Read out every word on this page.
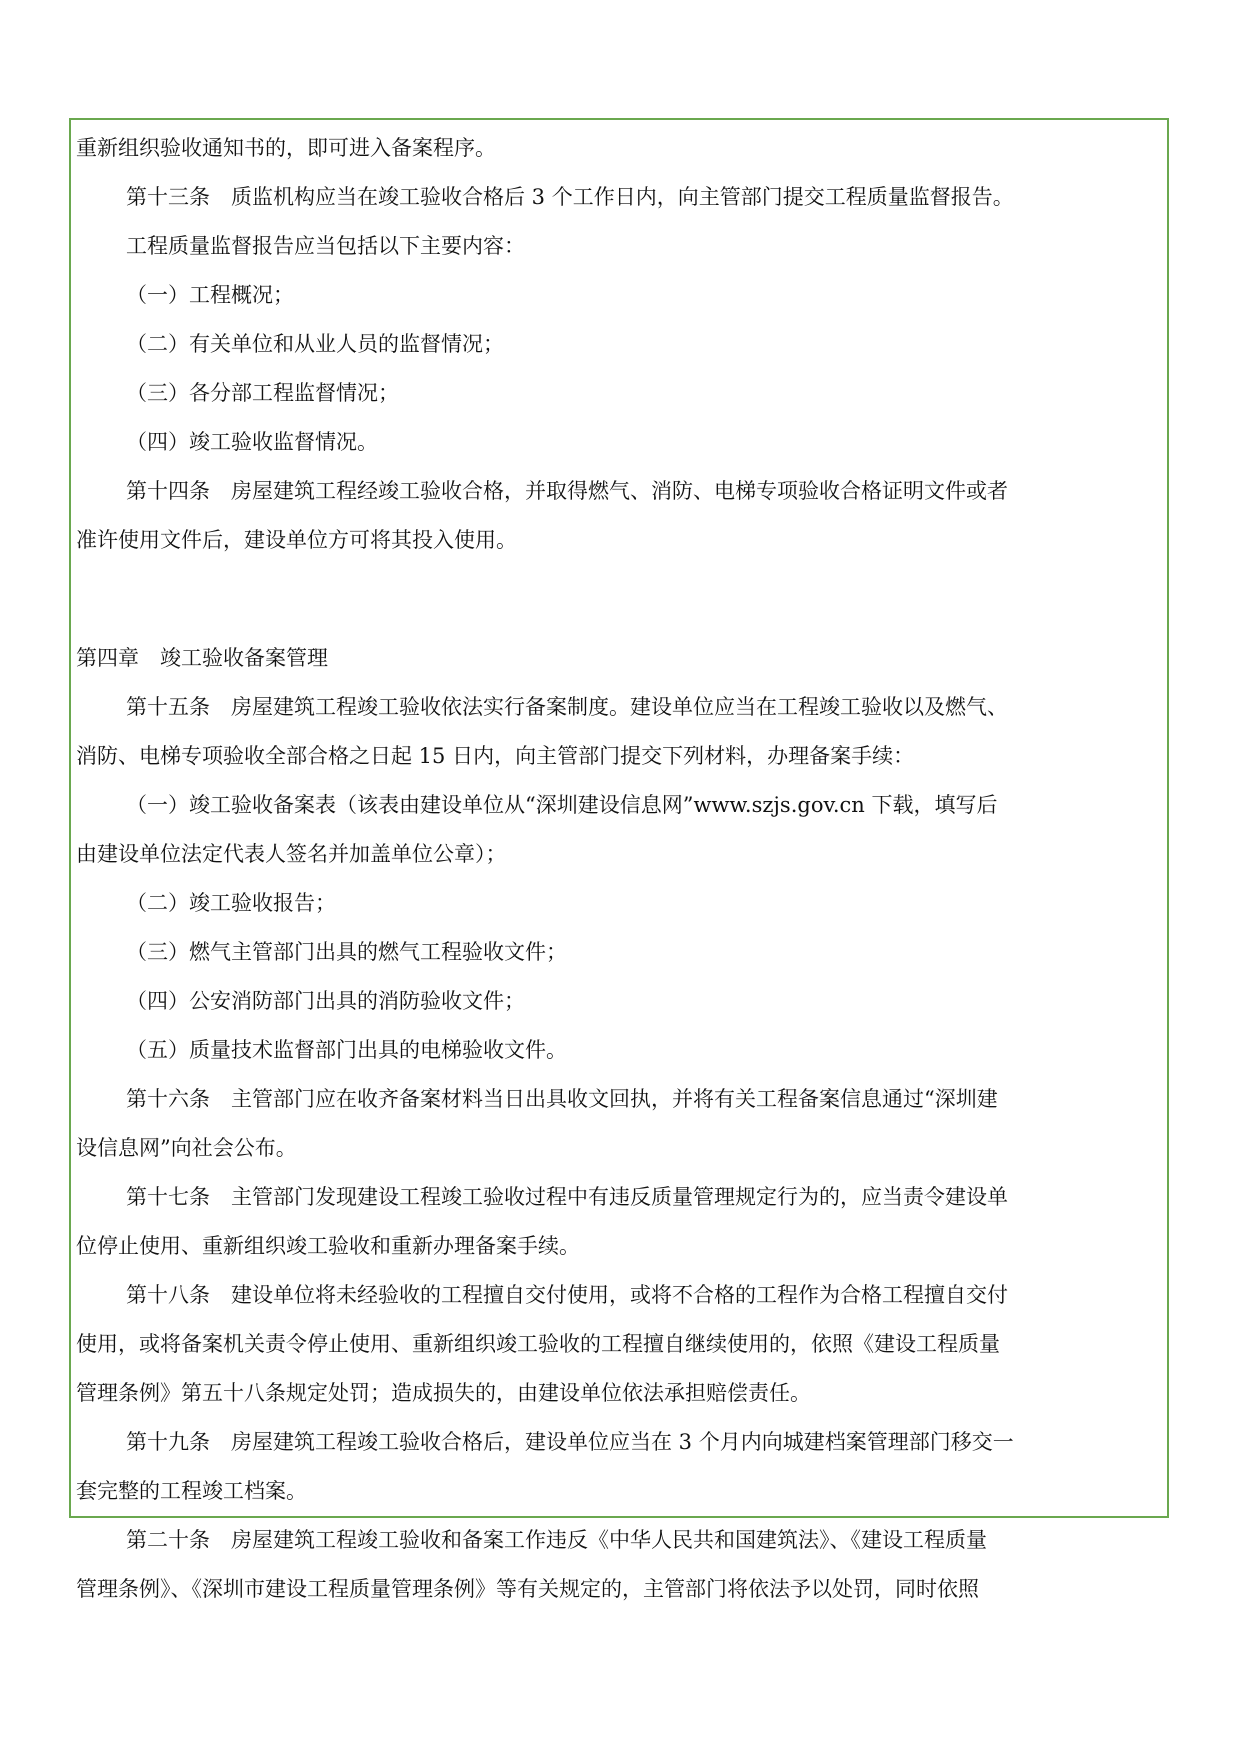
重新组织验收通知书的，即可进入备案程序。
第十三条　质监机构应当在竣工验收合格后 3 个工作日内，向主管部门提交工程质量监督报告。
工程质量监督报告应当包括以下主要内容：
（一）工程概况；
（二）有关单位和从业人员的监督情况；
（三）各分部工程监督情况；
（四）竣工验收监督情况。
第十四条　房屋建筑工程经竣工验收合格，并取得燃气、消防、电梯专项验收合格证明文件或者
准许使用文件后，建设单位方可将其投入使用。
第四章　竣工验收备案管理
第十五条　房屋建筑工程竣工验收依法实行备案制度。建设单位应当在工程竣工验收以及燃气、
消防、电梯专项验收全部合格之日起 15 日内，向主管部门提交下列材料，办理备案手续：
（一）竣工验收备案表（该表由建设单位从“深圳建设信息网”www.szjs.gov.cn 下载，填写后
由建设单位法定代表人签名并加盖单位公章）；
（二）竣工验收报告；
（三）燃气主管部门出具的燃气工程验收文件；
（四）公安消防部门出具的消防验收文件；
（五）质量技术监督部门出具的电梯验收文件。
第十六条　主管部门应在收齐备案材料当日出具收文回执，并将有关工程备案信息通过“深圳建
设信息网”向社会公布。
第十七条　主管部门发现建设工程竣工验收过程中有违反质量管理规定行为的，应当责令建设单
位停止使用、重新组织竣工验收和重新办理备案手续。
第十八条　建设单位将未经验收的工程擅自交付使用，或将不合格的工程作为合格工程擅自交付
使用，或将备案机关责令停止使用、重新组织竣工验收的工程擅自继续使用的，依照《建设工程质量
管理条例》第五十八条规定处罚；造成损失的，由建设单位依法承担赔偿责任。
第十九条　房屋建筑工程竣工验收合格后，建设单位应当在 3 个月内向城建档案管理部门移交一
套完整的工程竣工档案。
第二十条　房屋建筑工程竣工验收和备案工作违反《中华人民共和国建筑法》、《建设工程质量
管理条例》、《深圳市建设工程质量管理条例》等有关规定的，主管部门将依法予以处罚，同时依照
